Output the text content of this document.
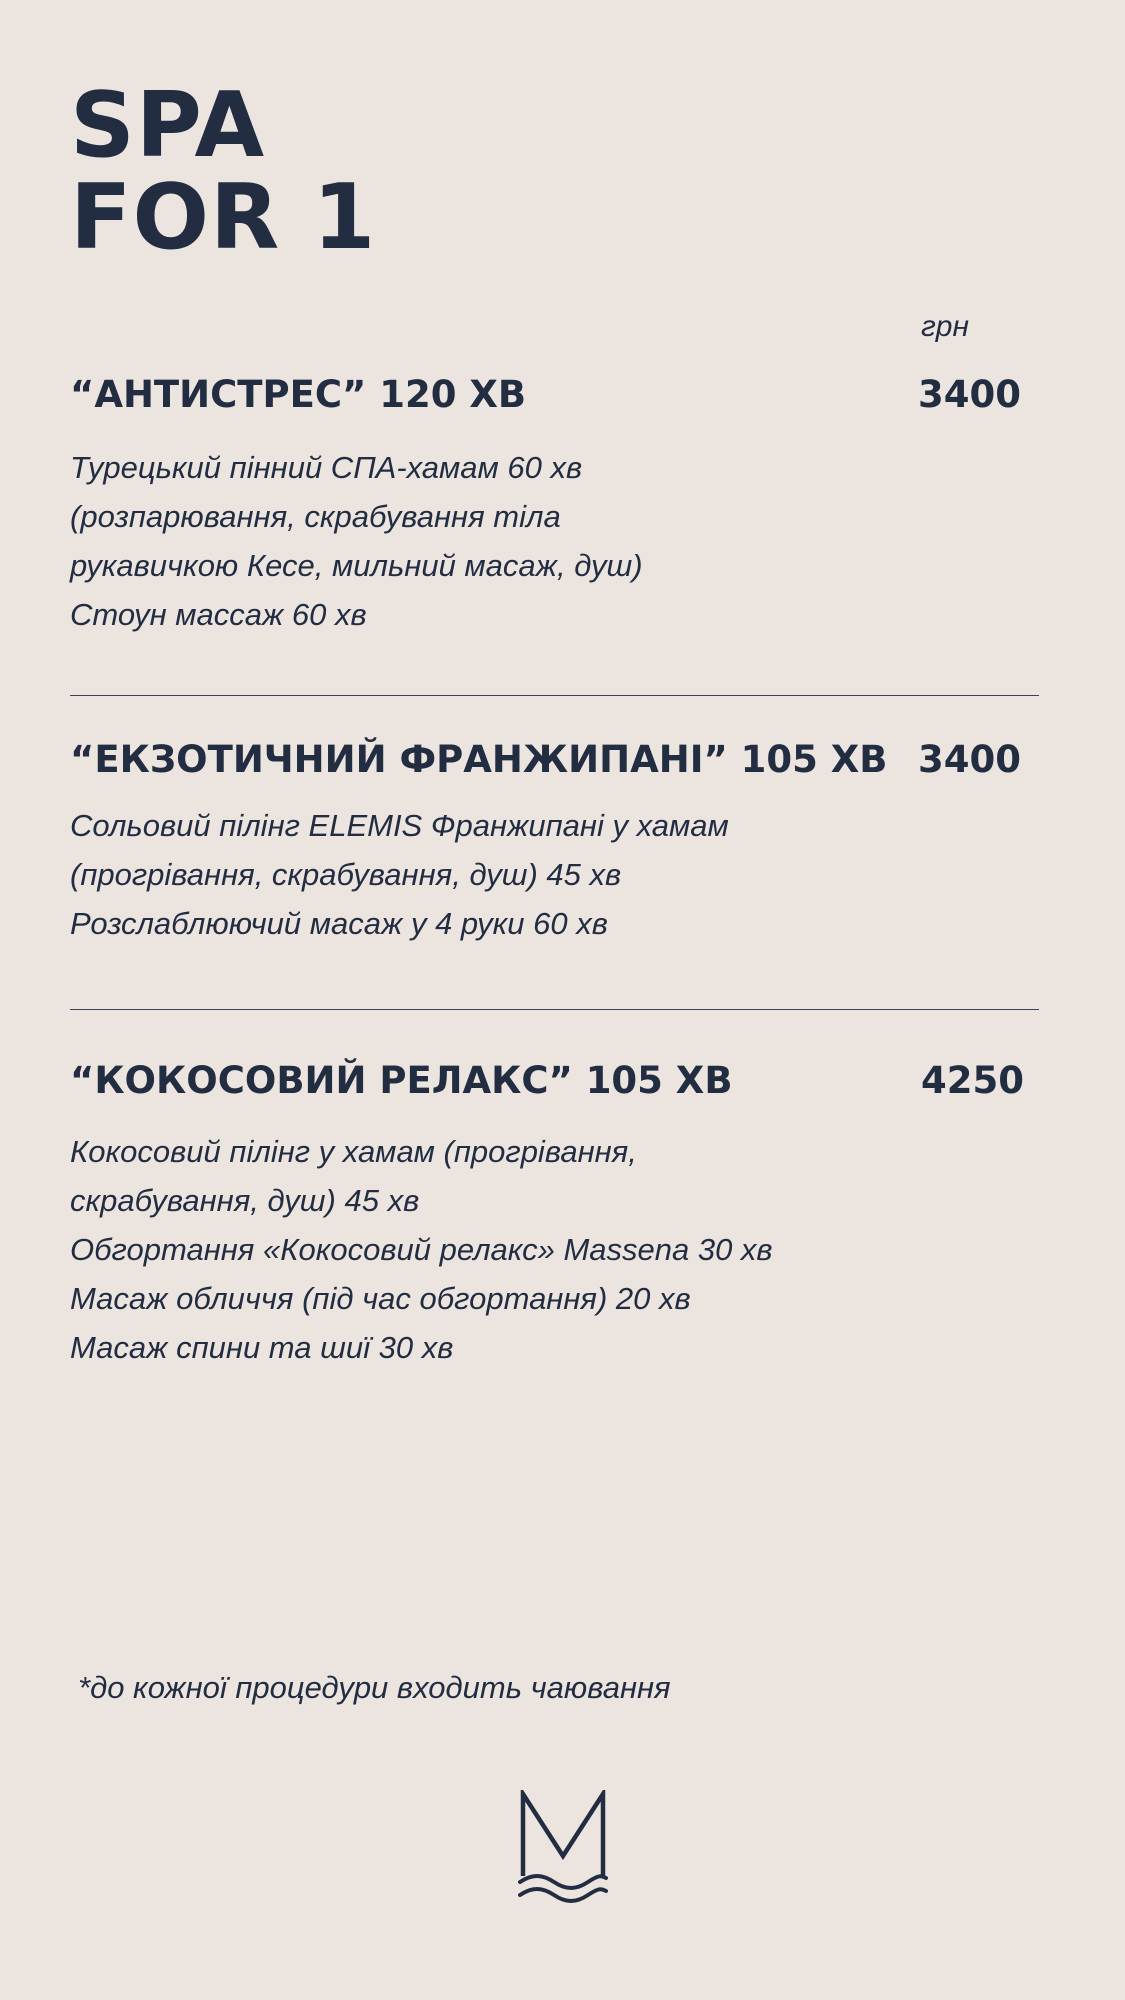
SPA
FOR 1
грн
“АНТИСТРЕС” 120 ХВ	3400
Турецький пінний СПА-хамам 60 хв
(розпарювання, скрабування тіла
рукавичкою Кесе, мильний масаж, душ)
Стоун массаж 60 хв
“ЕКЗОТИЧНИЙ ФРАНЖИПАНІ” 105 ХВ 3400
Сольовий пілінг ELEMIS Франжипані у хамам
(прогрівання, скрабування, душ) 45 хв
Розслаблюючий масаж у 4 руки 60 хв
“КОКОСОВИЙ РЕЛАКС” 105 ХВ	4250
Кокосовий пілінг у хамам (прогрівання,
скрабування, душ) 45 хв
Обгортання «Кокосовий релакс» Massena 30 хв
Масаж обличчя (під час обгортання) 20 хв
Масаж спини та шиї 30 хв
*до кожної процедури входить чаювання
